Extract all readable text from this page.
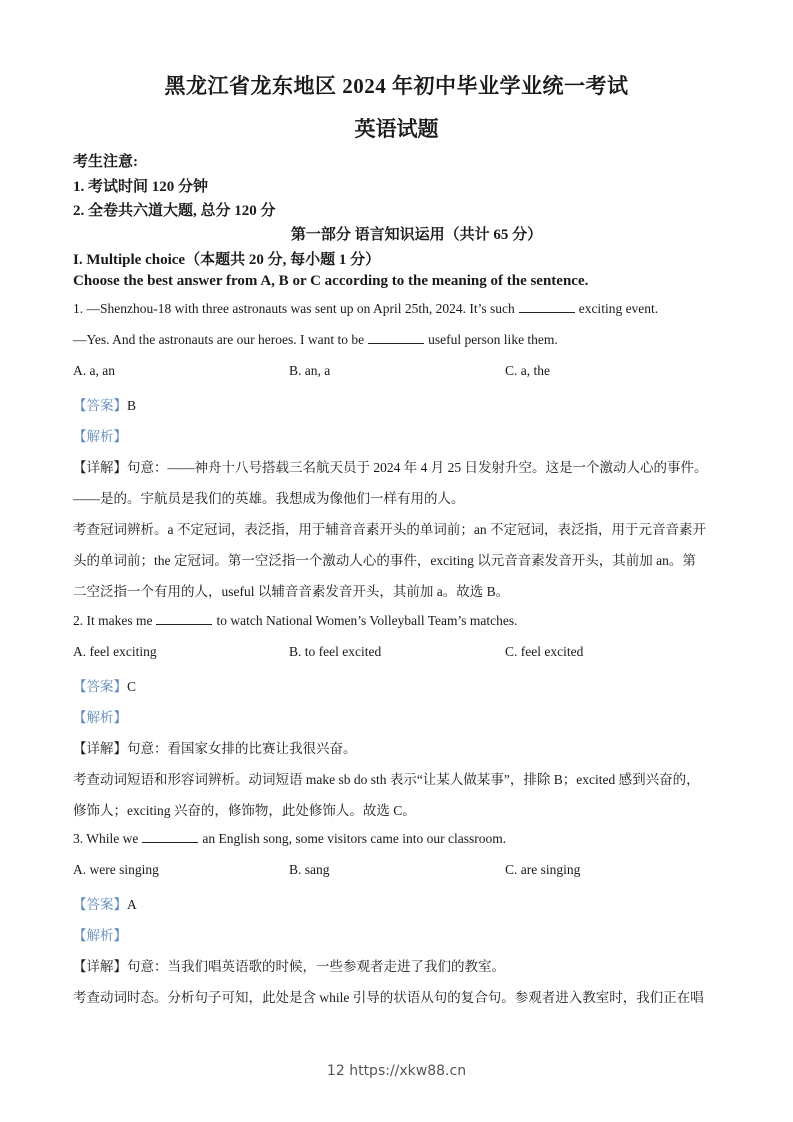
黑龙江省龙东地区 2024 年初中毕业学业统一考试
英语试题
考生注意:
1. 考试时间 120 分钟
2. 全卷共六道大题, 总分 120 分
第一部分 语言知识运用（共计 65 分）
I. Multiple choice（本题共 20 分, 每小题 1 分）
Choose the best answer from A, B or C according to the meaning of the sentence.
1. —Shenzhou-18 with three astronauts was sent up on April 25th, 2024. It’s such	exciting event.
—Yes. And the astronauts are our heroes. I want to be	useful person like them.
A. a, an	B. an, a	C. a, the
【答案】B
【解析】
【详解】句意：——神舟十八号搭载三名航天员于 2024 年 4 月 25 日发射升空。这是一个激动人心的事件。
——是的。宇航员是我们的英雄。我想成为像他们一样有用的人。
考查冠词辨析。a 不定冠词，表泛指，用于辅音音素开头的单词前；an 不定冠词，表泛指，用于元音音素开
头的单词前；the 定冠词。第一空泛指一个激动人心的事件，exciting 以元音音素发音开头，其前加 an。第
二空泛指一个有用的人，useful 以辅音音素发音开头，其前加 a。故选 B。
2. It makes me	to watch National Women’s Volleyball Team’s matches.
A. feel exciting	B. to feel excited	C. feel excited
【答案】C
【解析】
【详解】句意：看国家女排的比赛让我很兴奋。
考查动词短语和形容词辨析。动词短语 make sb do sth 表示“让某人做某事”，排除 B；excited 感到兴奋的，
修饰人；exciting 兴奋的，修饰物，此处修饰人。故选 C。
3. While we	an English song, some visitors came into our classroom.
A. were singing	B. sang	C. are singing
【答案】A
【解析】
【详解】句意：当我们唱英语歌的时候，一些参观者走进了我们的教室。
考查动词时态。分析句子可知，此处是含 while 引导的状语从句的复合句。参观者进入教室时，我们正在唱
12 https://xkw88.cn
